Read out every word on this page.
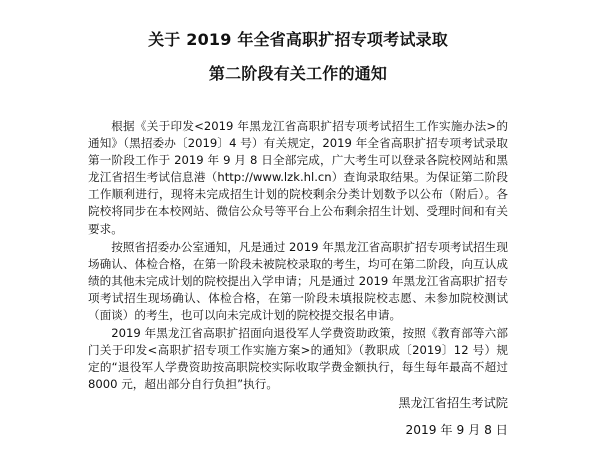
关于 2019 年全省高职扩招专项考试录取
第二阶段有关工作的通知

根据《关于印发<2019 年黑龙江省高职扩招专项考试招生工作实施办法>的通知》（黑招委办〔2019〕4 号）有关规定，2019 年全省高职扩招专项考试录取第一阶段工作于 2019 年 9 月 8 日全部完成，广大考生可以登录各院校网站和黑龙江省招生考试信息港（http://www.lzk.hl.cn）查询录取结果。为保证第二阶段工作顺利进行，现将未完成招生计划的院校剩余分类计划数予以公布（附后）。各院校将同步在本校网站、微信公众号等平台上公布剩余招生计划、受理时间和有关要求。

按照省招委办公室通知，凡是通过 2019 年黑龙江省高职扩招专项考试招生现场确认、体检合格，在第一阶段未被院校录取的考生，均可在第二阶段，向互认成绩的其他未完成计划的院校提出入学申请；凡是通过 2019 年黑龙江省高职扩招专项考试招生现场确认、体检合格，在第一阶段未填报院校志愿、未参加院校测试（面谈）的考生，也可以向未完成计划的院校提交报名申请。

2019 年黑龙江省高职扩招面向退役军人学费资助政策，按照《教育部等六部门关于印发<高职扩招专项工作实施方案>的通知》（教职成〔2019〕12 号）规定的“退役军人学费资助按高职院校实际收取学费金额执行，每生每年最高不超过 8000 元，超出部分自行负担”执行。

黑龙江省招生考试院
2019 年 9 月 8 日
